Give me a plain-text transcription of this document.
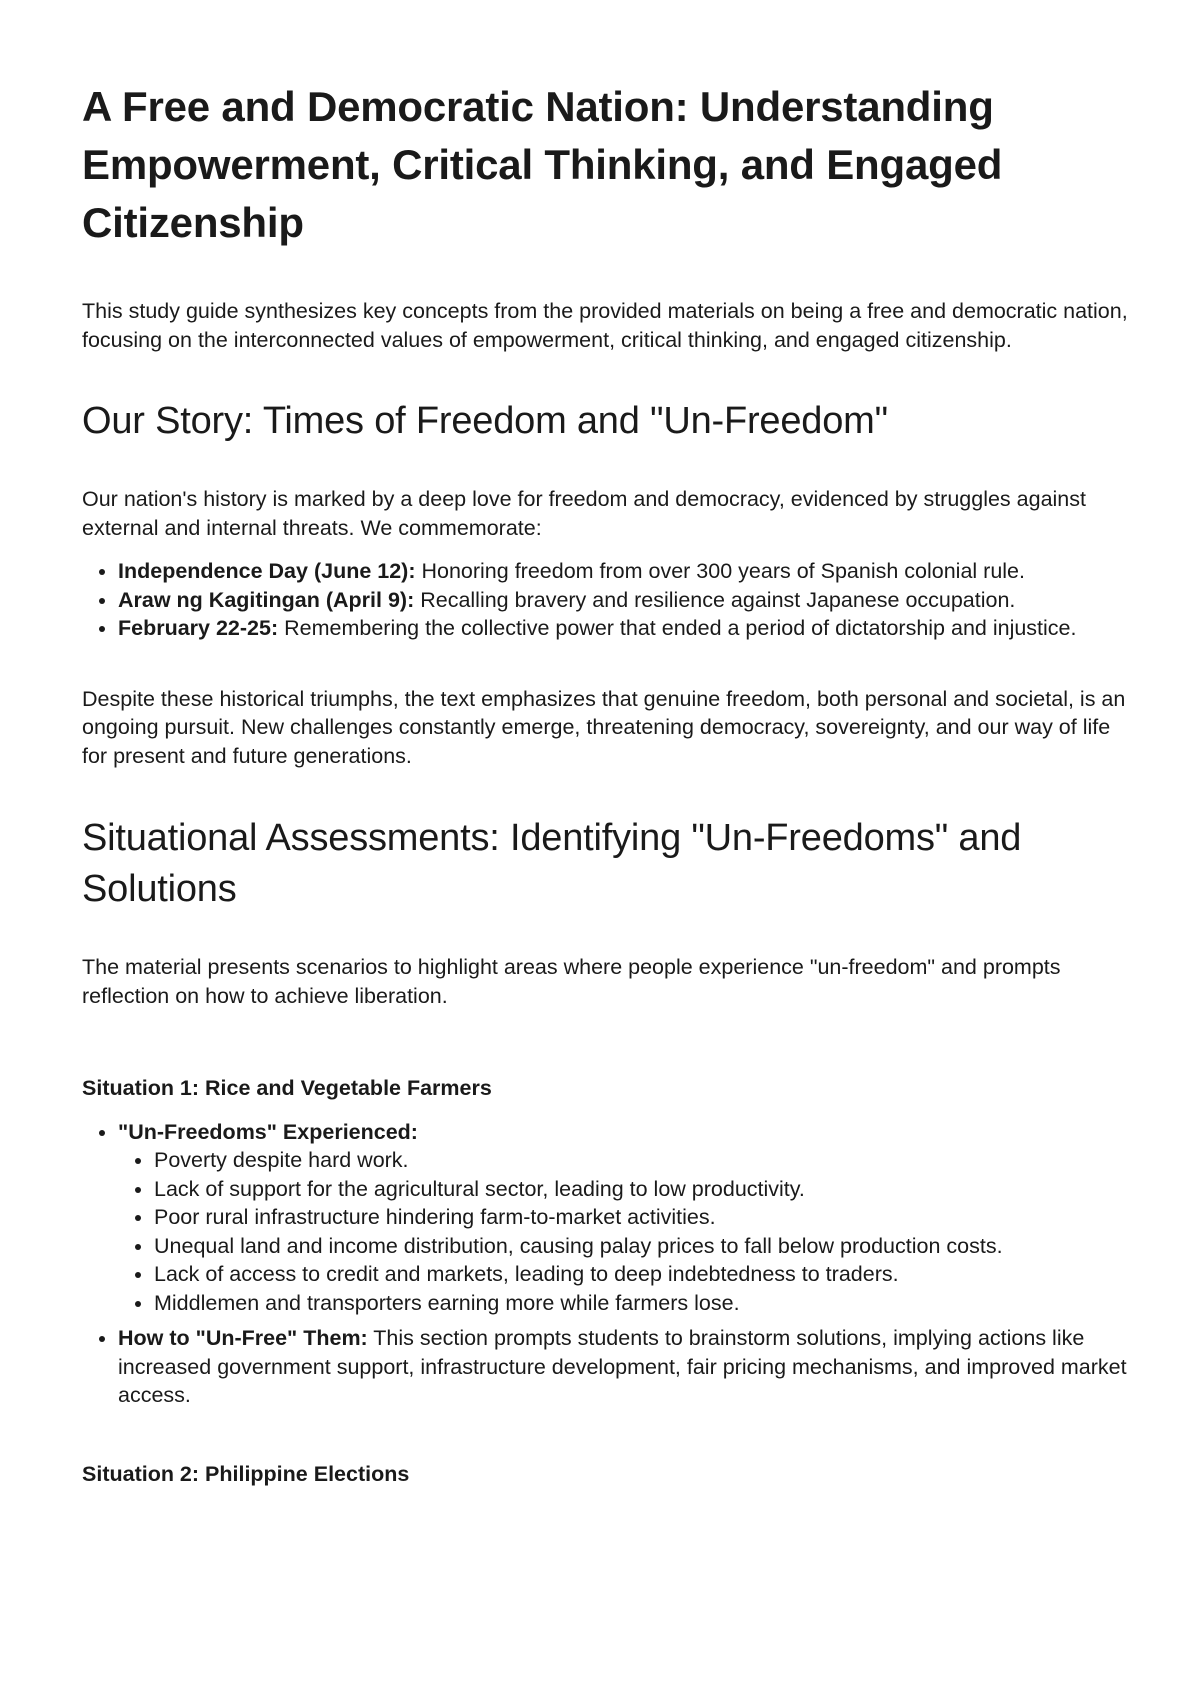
A Free and Democratic Nation: Understanding Empowerment, Critical Thinking, and Engaged Citizenship

This study guide synthesizes key concepts from the provided materials on being a free and democratic nation, focusing on the interconnected values of empowerment, critical thinking, and engaged citizenship.

Our Story: Times of Freedom and "Un-Freedom"

Our nation's history is marked by a deep love for freedom and democracy, evidenced by struggles against external and internal threats. We commemorate:

• Independence Day (June 12): Honoring freedom from over 300 years of Spanish colonial rule.
• Araw ng Kagitingan (April 9): Recalling bravery and resilience against Japanese occupation.
• February 22-25: Remembering the collective power that ended a period of dictatorship and injustice.

Despite these historical triumphs, the text emphasizes that genuine freedom, both personal and societal, is an ongoing pursuit. New challenges constantly emerge, threatening democracy, sovereignty, and our way of life for present and future generations.

Situational Assessments: Identifying "Un-Freedoms" and Solutions

The material presents scenarios to highlight areas where people experience "un-freedom" and prompts reflection on how to achieve liberation.

Situation 1: Rice and Vegetable Farmers
• "Un-Freedoms" Experienced:
• Poverty despite hard work.
• Lack of support for the agricultural sector, leading to low productivity.
• Poor rural infrastructure hindering farm-to-market activities.
• Unequal land and income distribution, causing palay prices to fall below production costs.
• Lack of access to credit and markets, leading to deep indebtedness to traders.
• Middlemen and transporters earning more while farmers lose.
• How to "Un-Free" Them: This section prompts students to brainstorm solutions, implying actions like increased government support, infrastructure development, fair pricing mechanisms, and improved market access.
Situation 2: Philippine Elections
